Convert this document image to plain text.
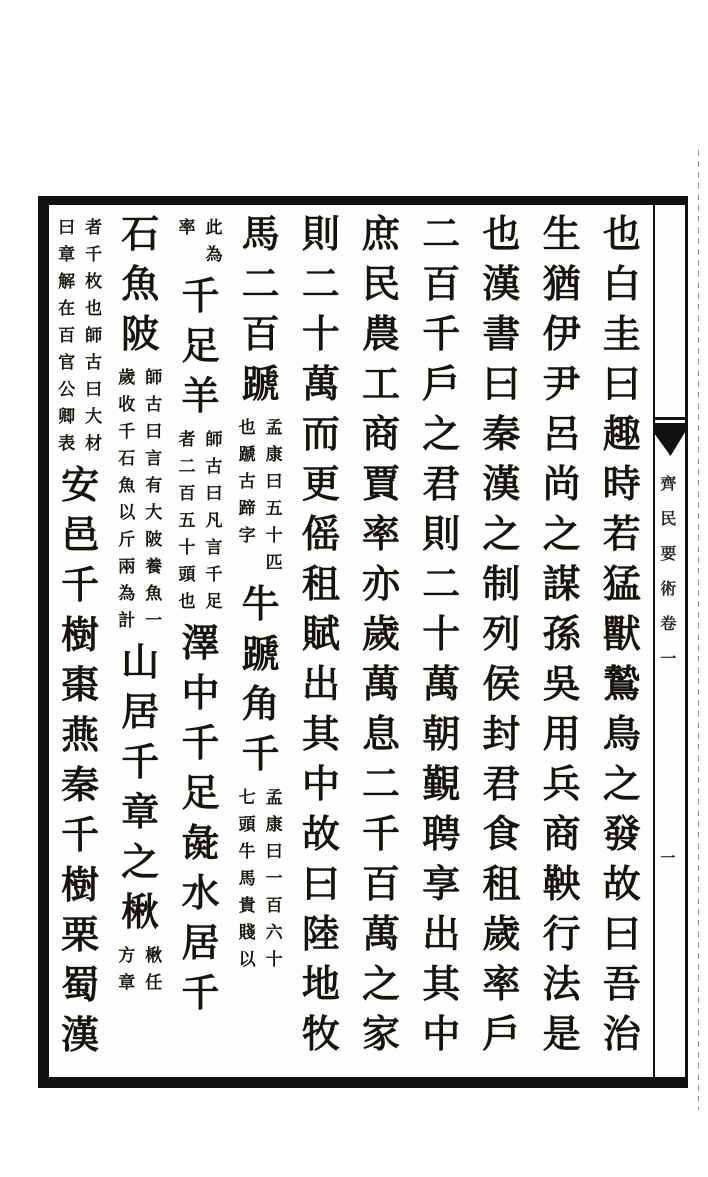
也白圭曰趣時若猛獸鷙鳥之發故曰吾治
生猶伊尹呂尚之謀孫吳用兵商鞅行法是
也漢書曰秦漢之制列侯封君食租歲率戶
二百千戶之君則二十萬朝覲聘享出其中
庶民農工商賈率亦歲萬息二千百萬之家
則二十萬而更傜租賦出其中故曰陸地牧
馬二百蹏
孟康曰五十匹
也蹏古蹄字
牛蹏角千
孟康曰一百六十
七頭牛馬貴賤以
此為
率
千足羊
師古曰凡言千足
者二百五十頭也
澤中千足彘水居千
石魚陂
師古曰言有大陂養魚一
歲收千石魚以斤兩為計
山居千章之楸
楸任
方章
者千枚也師古曰大材
曰章解在百官公卿表
安邑千樹棗燕秦千樹栗蜀漢
齊民要術卷一
一
